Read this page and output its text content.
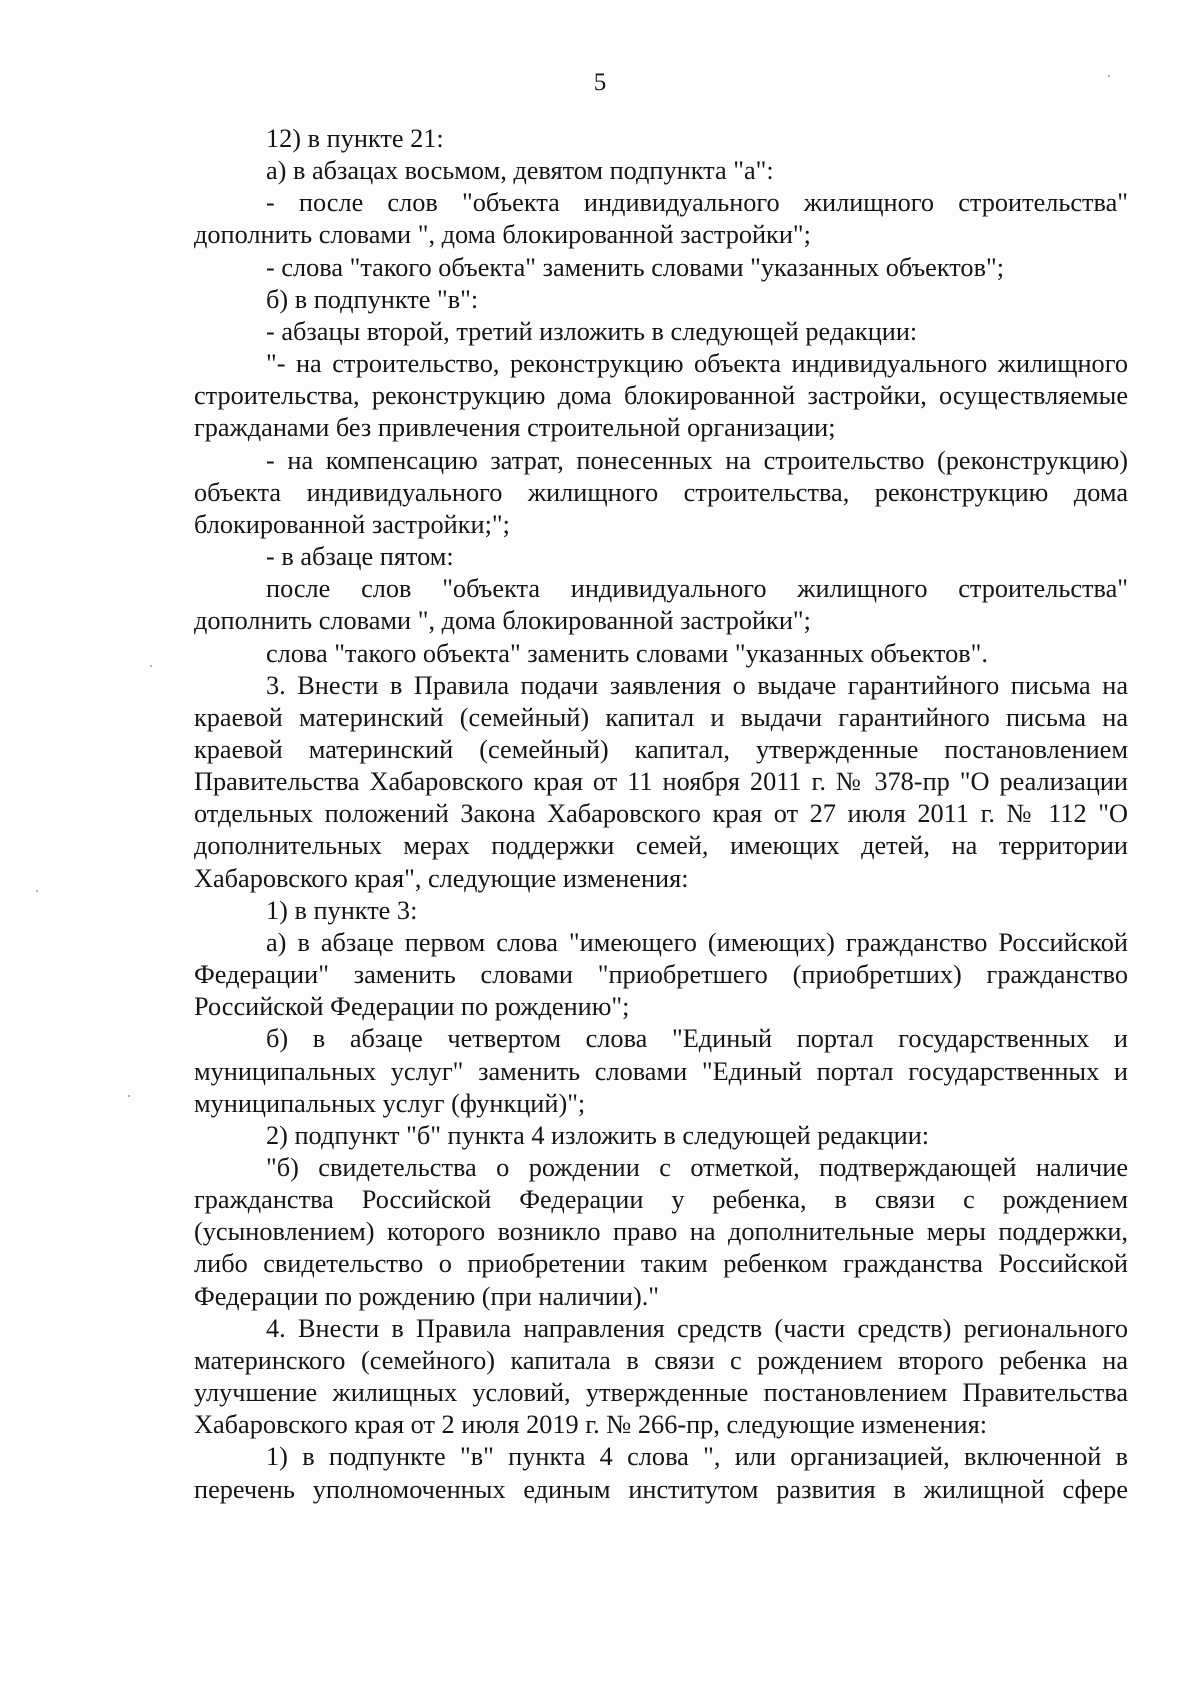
5

12) в пункте 21:

а) в абзацах восьмом, девятом подпункта "а":

- после слов "объекта индивидуального жилищного строительства" дополнить словами ", дома блокированной застройки";

- слова "такого объекта" заменить словами "указанных объектов";

б) в подпункте "в":

- абзацы второй, третий изложить в следующей редакции:

"- на строительство, реконструкцию объекта индивидуального жилищного строительства, реконструкцию дома блокированной застройки, осуществляемые гражданами без привлечения строительной организации;

- на компенсацию затрат, понесенных на строительство (реконструкцию) объекта индивидуального жилищного строительства, реконструкцию дома блокированной застройки;";

- в абзаце пятом:

после слов "объекта индивидуального жилищного строительства" дополнить словами ", дома блокированной застройки";

слова "такого объекта" заменить словами "указанных объектов".

3. Внести в Правила подачи заявления о выдаче гарантийного письма на краевой материнский (семейный) капитал и выдачи гарантийного письма на краевой материнский (семейный) капитал, утвержденные постановлением Правительства Хабаровского края от 11 ноября 2011 г. № 378-пр "О реализации отдельных положений Закона Хабаровского края от 27 июля 2011 г. № 112 "О дополнительных мерах поддержки семей, имеющих детей, на территории Хабаровского края", следующие изменения:

1) в пункте 3:

а) в абзаце первом слова "имеющего (имеющих) гражданство Российской Федерации" заменить словами "приобретшего (приобретших) гражданство Российской Федерации по рождению";

б) в абзаце четвертом слова "Единый портал государственных и муниципальных услуг" заменить словами "Единый портал государственных и муниципальных услуг (функций)";

2) подпункт "б" пункта 4 изложить в следующей редакции:

"б) свидетельства о рождении с отметкой, подтверждающей наличие гражданства Российской Федерации у ребенка, в связи с рождением (усыновлением) которого возникло право на дополнительные меры поддержки, либо свидетельство о приобретении таким ребенком гражданства Российской Федерации по рождению (при наличии)."

4. Внести в Правила направления средств (части средств) регионального материнского (семейного) капитала в связи с рождением второго ребенка на улучшение жилищных условий, утвержденные постановлением Правительства Хабаровского края от 2 июля 2019 г. № 266-пр, следующие изменения:

1) в подпункте "в" пункта 4 слова ", или организацией, включенной в перечень уполномоченных единым институтом развития в жилищной сфере
